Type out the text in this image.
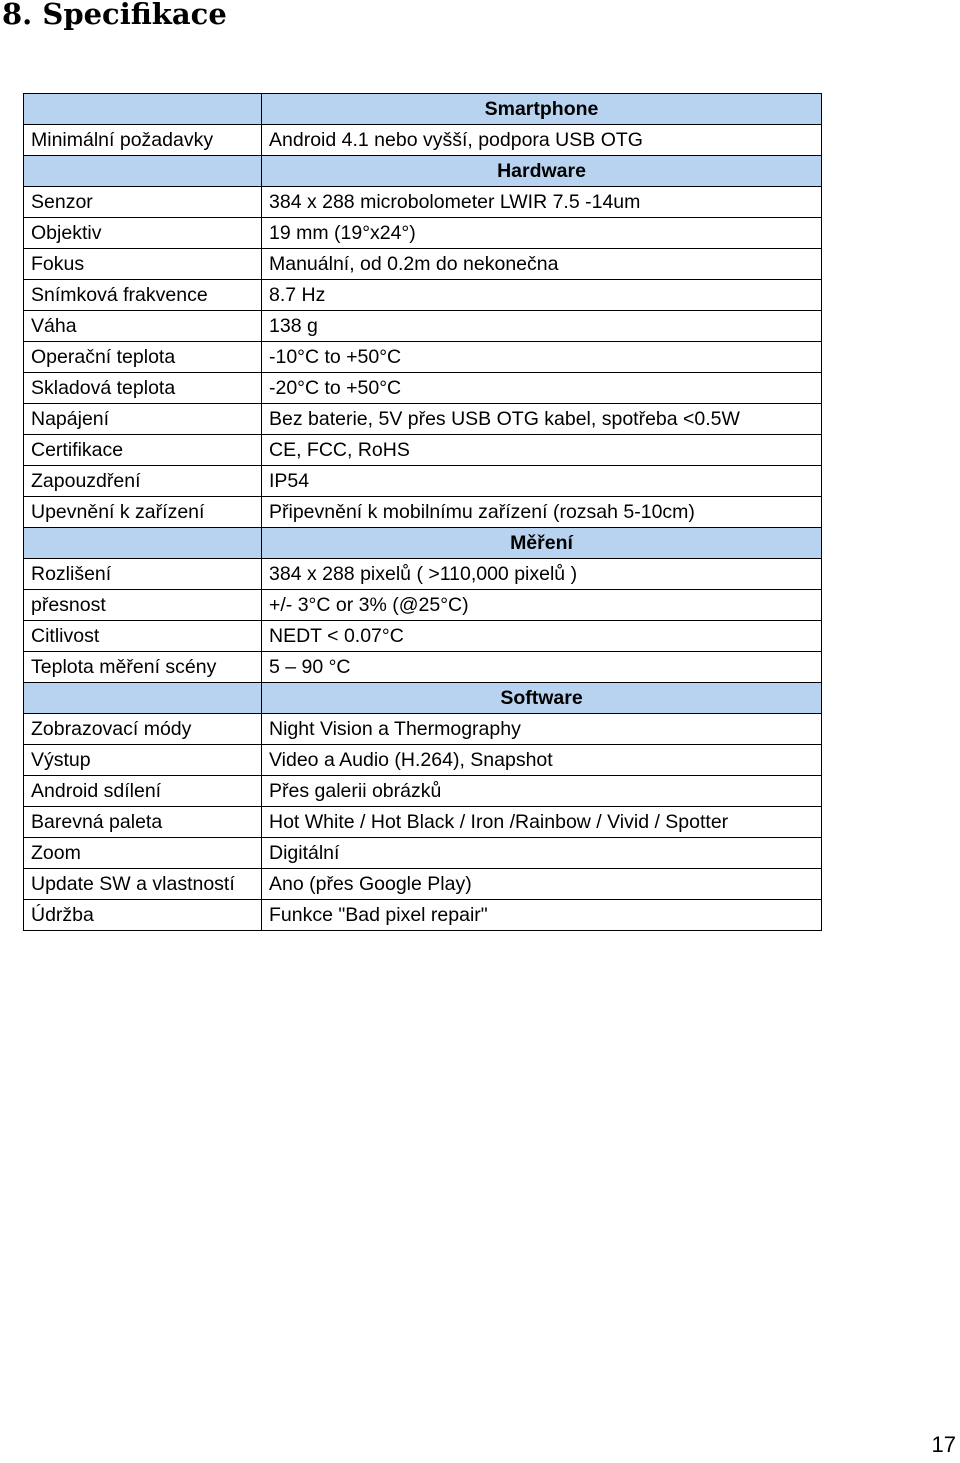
8. Specifikace
	Smartphone
Minimální požadavky	Android 4.1 nebo vyšší, podpora USB OTG
	Hardware
Senzor	384 x 288 microbolometer LWIR 7.5 -14um
Objektiv	19 mm (19°x24°)
Fokus	Manuální, od 0.2m do nekonečna
Snímková frakvence	8.7 Hz
Váha	138 g
Operační teplota	-10°C to +50°C
Skladová teplota	-20°C to +50°C
Napájení	Bez baterie, 5V přes USB OTG kabel, spotřeba <0.5W
Certifikace	CE, FCC, RoHS
Zapouzdření	IP54
Upevnění k zařízení	Připevnění k mobilnímu zařízení (rozsah 5-10cm)
	Měření
Rozlišení	384 x 288 pixelů ( >110,000 pixelů )
přesnost	+/- 3°C or 3% (@25°C)
Citlivost	NEDT < 0.07°C
Teplota měření scény	5 – 90 °C
	Software
Zobrazovací módy	Night Vision a Thermography
Výstup	Video a Audio (H.264), Snapshot
Android sdílení	Přes galerii obrázků
Barevná paleta	Hot White / Hot Black / Iron /Rainbow / Vivid / Spotter
Zoom	Digitální
Update SW a vlastností	Ano (přes Google Play)
Údržba	Funkce "Bad pixel repair"
17
